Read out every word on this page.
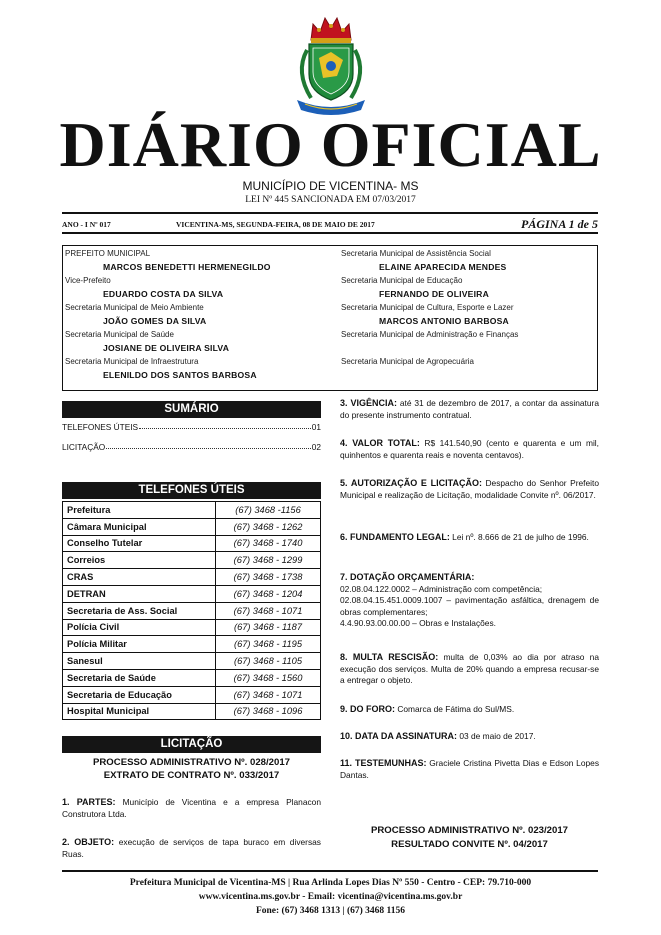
DIÁRIO OFICIAL
MUNICÍPIO DE VICENTINA- MS
LEI Nº 445 SANCIONADA EM 07/03/2017
ANO - I Nº 017	VICENTINA-MS, SEGUNDA-FEIRA, 08 DE MAIO DE 2017	PÁGINA 1 de 5
PREFEITO MUNICIPAL
MARCOS BENEDETTI HERMENEGILDO
Vice-Prefeito
EDUARDO COSTA DA SILVA
Secretaria Municipal de Meio Ambiente
JOÃO GOMES DA SILVA
Secretaria Municipal de Saúde
JOSIANE DE OLIVEIRA SILVA
Secretaria Municipal de Infraestrutura
ELENILDO DOS SANTOS BARBOSA
Secretaria Municipal de Assistência Social
ELAINE APARECIDA MENDES
Secretaria Municipal de Educação
FERNANDO DE OLIVEIRA
Secretaria Municipal de Cultura, Esporte e Lazer
MARCOS ANTONIO BARBOSA
Secretaria Municipal de Administração e Finanças
Secretaria Municipal de Agropecuária
SUMÁRIO
TELEFONES ÚTEIS	01
LICITAÇÃO	02
TELEFONES ÚTEIS
Prefeitura	(67) 3468 -1156
Câmara Municipal	(67) 3468 - 1262
Conselho Tutelar	(67) 3468 - 1740
Correios	(67) 3468 - 1299
CRAS	(67) 3468 - 1738
DETRAN	(67) 3468 - 1204
Secretaria de Ass. Social	(67) 3468 - 1071
Polícia Civil	(67) 3468 - 1187
Polícia Militar	(67) 3468 - 1195
Sanesul	(67) 3468 - 1105
Secretaria de Saúde	(67) 3468 - 1560
Secretaria de Educação	(67) 3468 - 1071
Hospital Municipal	(67) 3468 - 1096
LICITAÇÃO
PROCESSO ADMINISTRATIVO Nº. 028/2017
EXTRATO DE CONTRATO Nº. 033/2017
1. PARTES: Município de Vicentina e a empresa Planacon Construtora Ltda.
2. OBJETO: execução de serviços de tapa buraco em diversas Ruas.
3. VIGÊNCIA: até 31 de dezembro de 2017, a contar da assinatura do presente instrumento contratual.
4. VALOR TOTAL: R$ 141.540,90 (cento e quarenta e um mil, quinhentos e quarenta reais e noventa centavos).
5. AUTORIZAÇÃO E LICITAÇÃO: Despacho do Senhor Prefeito Municipal e realização de Licitação, modalidade Convite nº. 06/2017.
6. FUNDAMENTO LEGAL: Lei nº. 8.666 de 21 de julho de 1996.
7. DOTAÇÃO ORÇAMENTÁRIA:
02.08.04.122.0002 – Administração com competência;
02.08.04.15.451.0009.1007 – pavimentação asfáltica, drenagem de obras complementares;
4.4.90.93.00.00.00 – Obras e Instalações.
8. MULTA RESCISÃO: multa de 0,03% ao dia por atraso na execução dos serviços. Multa de 20% quando a empresa recusar-se a entregar o objeto.
9. DO FORO: Comarca de Fátima do Sul/MS.
10. DATA DA ASSINATURA: 03 de maio de 2017.
11. TESTEMUNHAS: Graciele Cristina Pivetta Dias e Edson Lopes Dantas.
PROCESSO ADMINISTRATIVO Nº. 023/2017
RESULTADO CONVITE Nº. 04/2017
Prefeitura Municipal de Vicentina-MS | Rua Arlinda Lopes Dias Nº 550 - Centro - CEP: 79.710-000
www.vicentina.ms.gov.br - Email: vicentina@vicentina.ms.gov.br
Fone: (67) 3468 1313 | (67) 3468 1156
